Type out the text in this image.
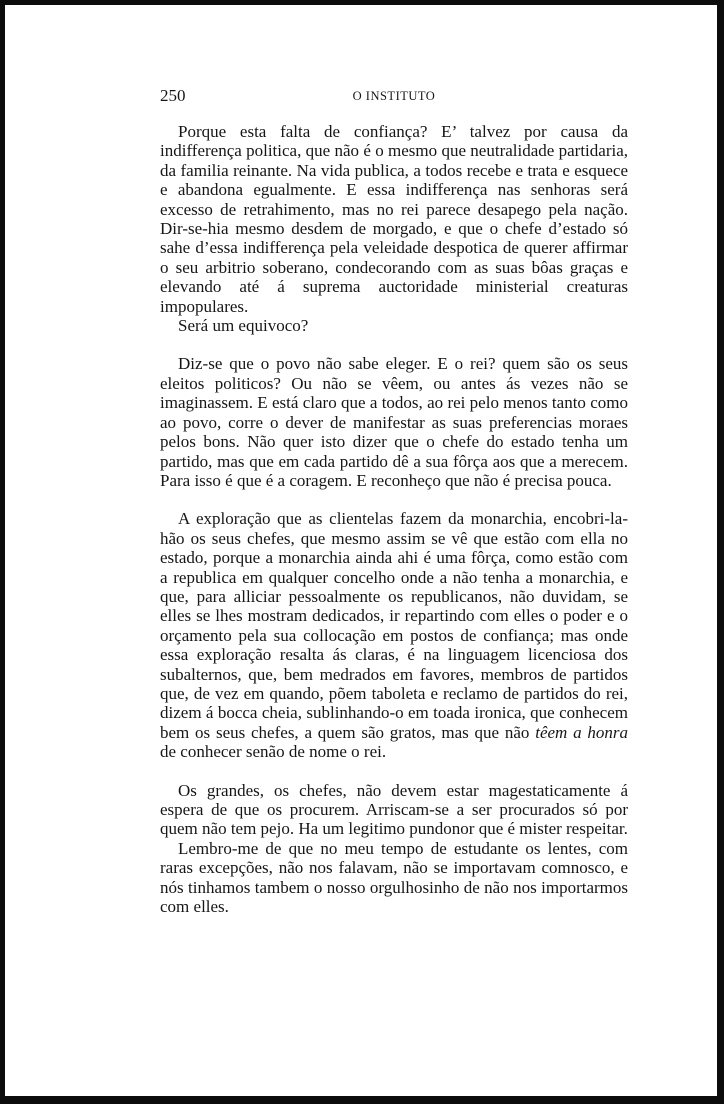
250	O INSTITUTO

Porque esta falta de confiança? E’ talvez por causa da indifferença politica, que não é o mesmo que neutralidade partidaria, da familia reinante. Na vida publica, a todos recebe e trata e esquece e abandona egualmente. E essa indifferença nas senhoras será excesso de retrahimento, mas no rei parece desapego pela nação. Dir-se-hia mesmo desdem de morgado, e que o chefe d’estado só sahe d’essa indifferença pela veleidade despotica de querer affirmar o seu arbitrio soberano, condecorando com as suas bôas graças e elevando até á suprema auctoridade ministerial creaturas impopulares.

Será um equivoco?

Diz-se que o povo não sabe eleger. E o rei? quem são os seus eleitos politicos? Ou não se vêem, ou antes ás vezes não se imaginassem. E está claro que a todos, ao rei pelo menos tanto como ao povo, corre o dever de manifestar as suas preferencias moraes pelos bons. Não quer isto dizer que o chefe do estado tenha um partido, mas que em cada partido dê a sua fôrça aos que a merecem. Para isso é que é a coragem. E reconheço que não é precisa pouca.

A exploração que as clientelas fazem da monarchia, encobri-la-hão os seus chefes, que mesmo assim se vê que estão com ella no estado, porque a monarchia ainda ahi é uma fôrça, como estão com a republica em qualquer concelho onde a não tenha a monarchia, e que, para alliciar pessoalmente os republicanos, não duvidam, se elles se lhes mostram dedicados, ir repartindo com elles o poder e o orçamento pela sua collocação em postos de confiança; mas onde essa exploração resalta ás claras, é na linguagem licenciosa dos subalternos, que, bem medrados em favores, membros de partidos que, de vez em quando, põem taboleta e reclamo de partidos do rei, dizem á bocca cheia, sublinhando-o em toada ironica, que conhecem bem os seus chefes, a quem são gratos, mas que não têem a honra de conhecer senão de nome o rei.

Os grandes, os chefes, não devem estar magestaticamente á espera de que os procurem. Arriscam-se a ser procurados só por quem não tem pejo. Ha um legitimo pundonor que é mister respeitar.

Lembro-me de que no meu tempo de estudante os lentes, com raras excepções, não nos falavam, não se importavam comnosco, e nós tinhamos tambem o nosso orgulhosinho de não nos importarmos com elles.
